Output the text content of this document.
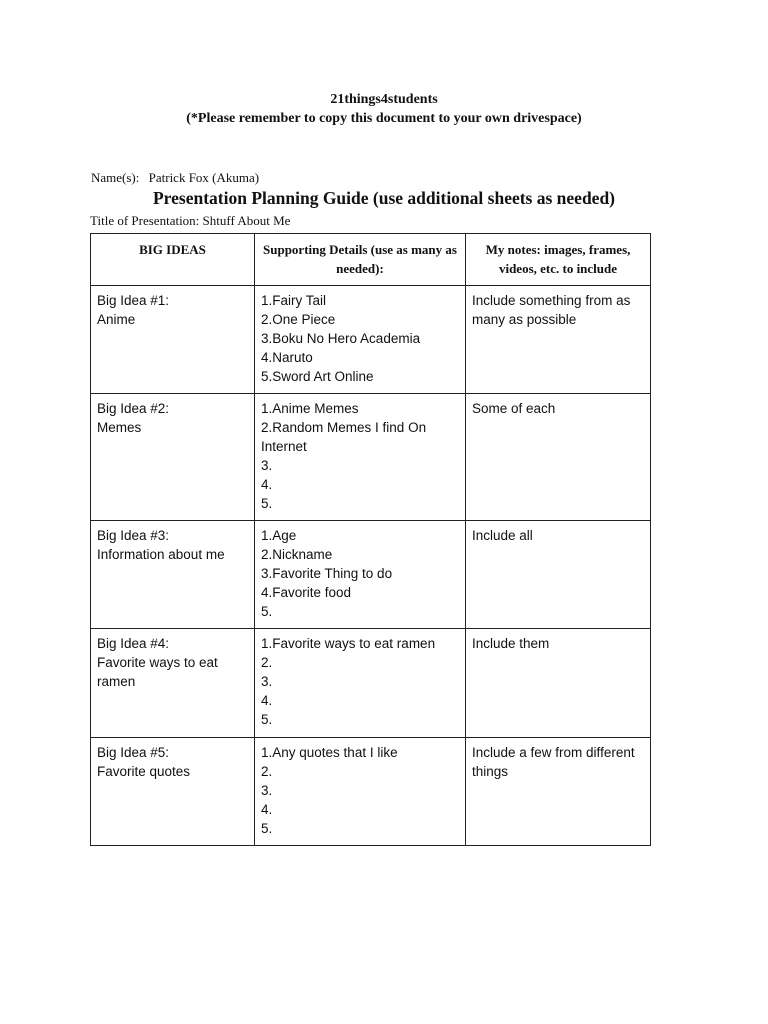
21things4students
(*Please remember to copy this document to your own drivespace)
Name(s): Patrick Fox (Akuma)
Presentation Planning Guide (use additional sheets as needed)
Title of Presentation: Shtuff About Me
BIG IDEAS	Supporting Details (use as many as needed):	My notes: images, frames, videos, etc. to include

Big Idea #1:
Anime	1.Fairy Tail
2.One Piece
3.Boku No Hero Academia
4.Naruto
5.Sword Art Online	Include something from as many as possible

Big Idea #2:
Memes	1.Anime Memes
2.Random Memes I find On Internet
3.
4.
5.	Some of each

Big Idea #3:
Information about me	1.Age
2.Nickname
3.Favorite Thing to do
4.Favorite food
5.	Include all

Big Idea #4:
Favorite ways to eat ramen	1.Favorite ways to eat ramen
2.
3.
4.
5.	Include them

Big Idea #5:
Favorite quotes	1.Any quotes that I like
2.
3.
4.
5.	Include a few from different things
